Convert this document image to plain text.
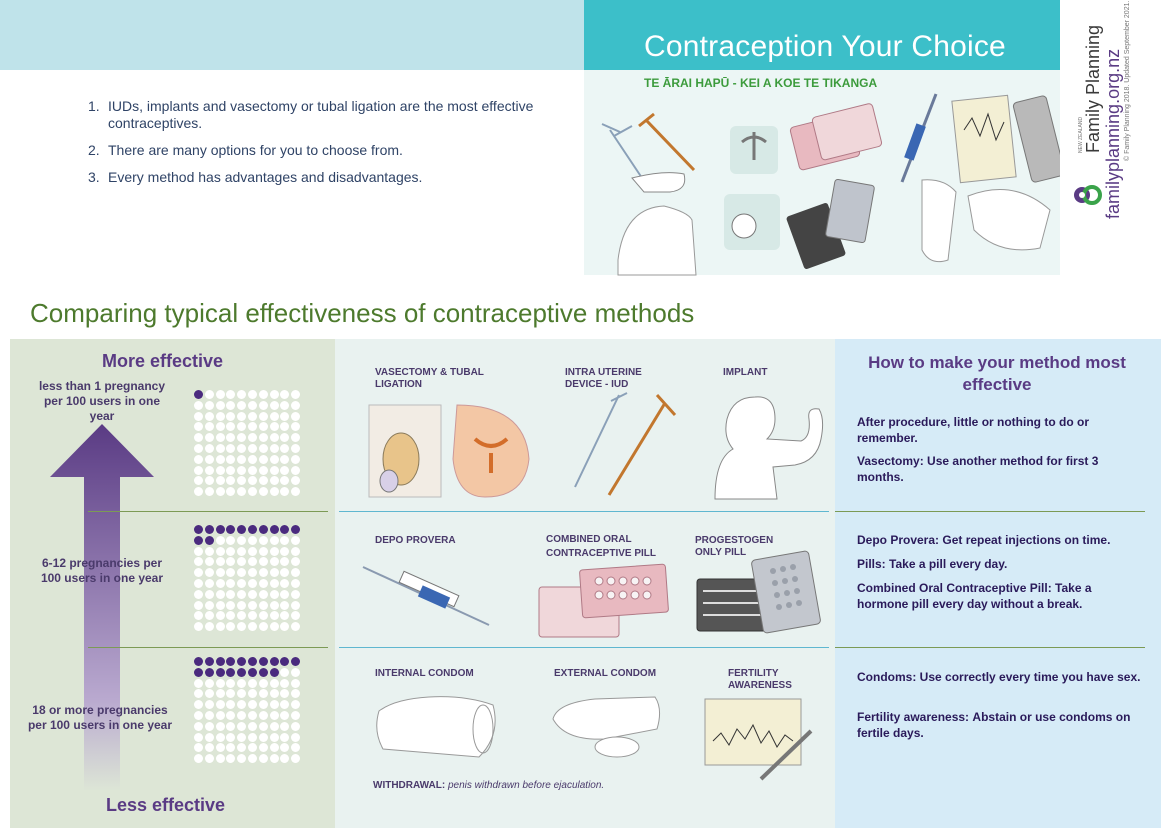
Contraception Your Choice
TE ĀRAI HAPŪ - KEI A KOE TE TIKANGA
NEW ZEALAND Family Planning familyplanning.org.nz © Family Planning 2018. Updated September 2021.
1. IUDs, implants and vasectomy or tubal ligation are the most effective contraceptives.
2. There are many options for you to choose from.
3. Every method has advantages and disadvantages.
Comparing typical effectiveness of contraceptive methods
More effective
Less effective
less than 1 pregnancy per 100 users in one year
6-12 pregnancies per 100 users in one year
18 or more pregnancies per 100 users in one year
VASECTOMY & TUBAL LIGATION
INTRA UTERINE DEVICE - IUD
IMPLANT
DEPO PROVERA	COMBINED ORAL CONTRACEPTIVE PILL
PROGESTOGEN ONLY PILL
INTERNAL CONDOM	EXTERNAL CONDOM	FERTILITY AWARENESS
WITHDRAWAL: penis withdrawn before ejaculation.
How to make your method most effective
After procedure, little or nothing to do or remember.
Vasectomy: Use another method for first 3 months.
Depo Provera: Get repeat injections on time.
Pills: Take a pill every day.
Combined Oral Contraceptive Pill: Take a hormone pill every day without a break.
Condoms: Use correctly every time you have sex.
Fertility awareness: Abstain or use condoms on fertile days.
